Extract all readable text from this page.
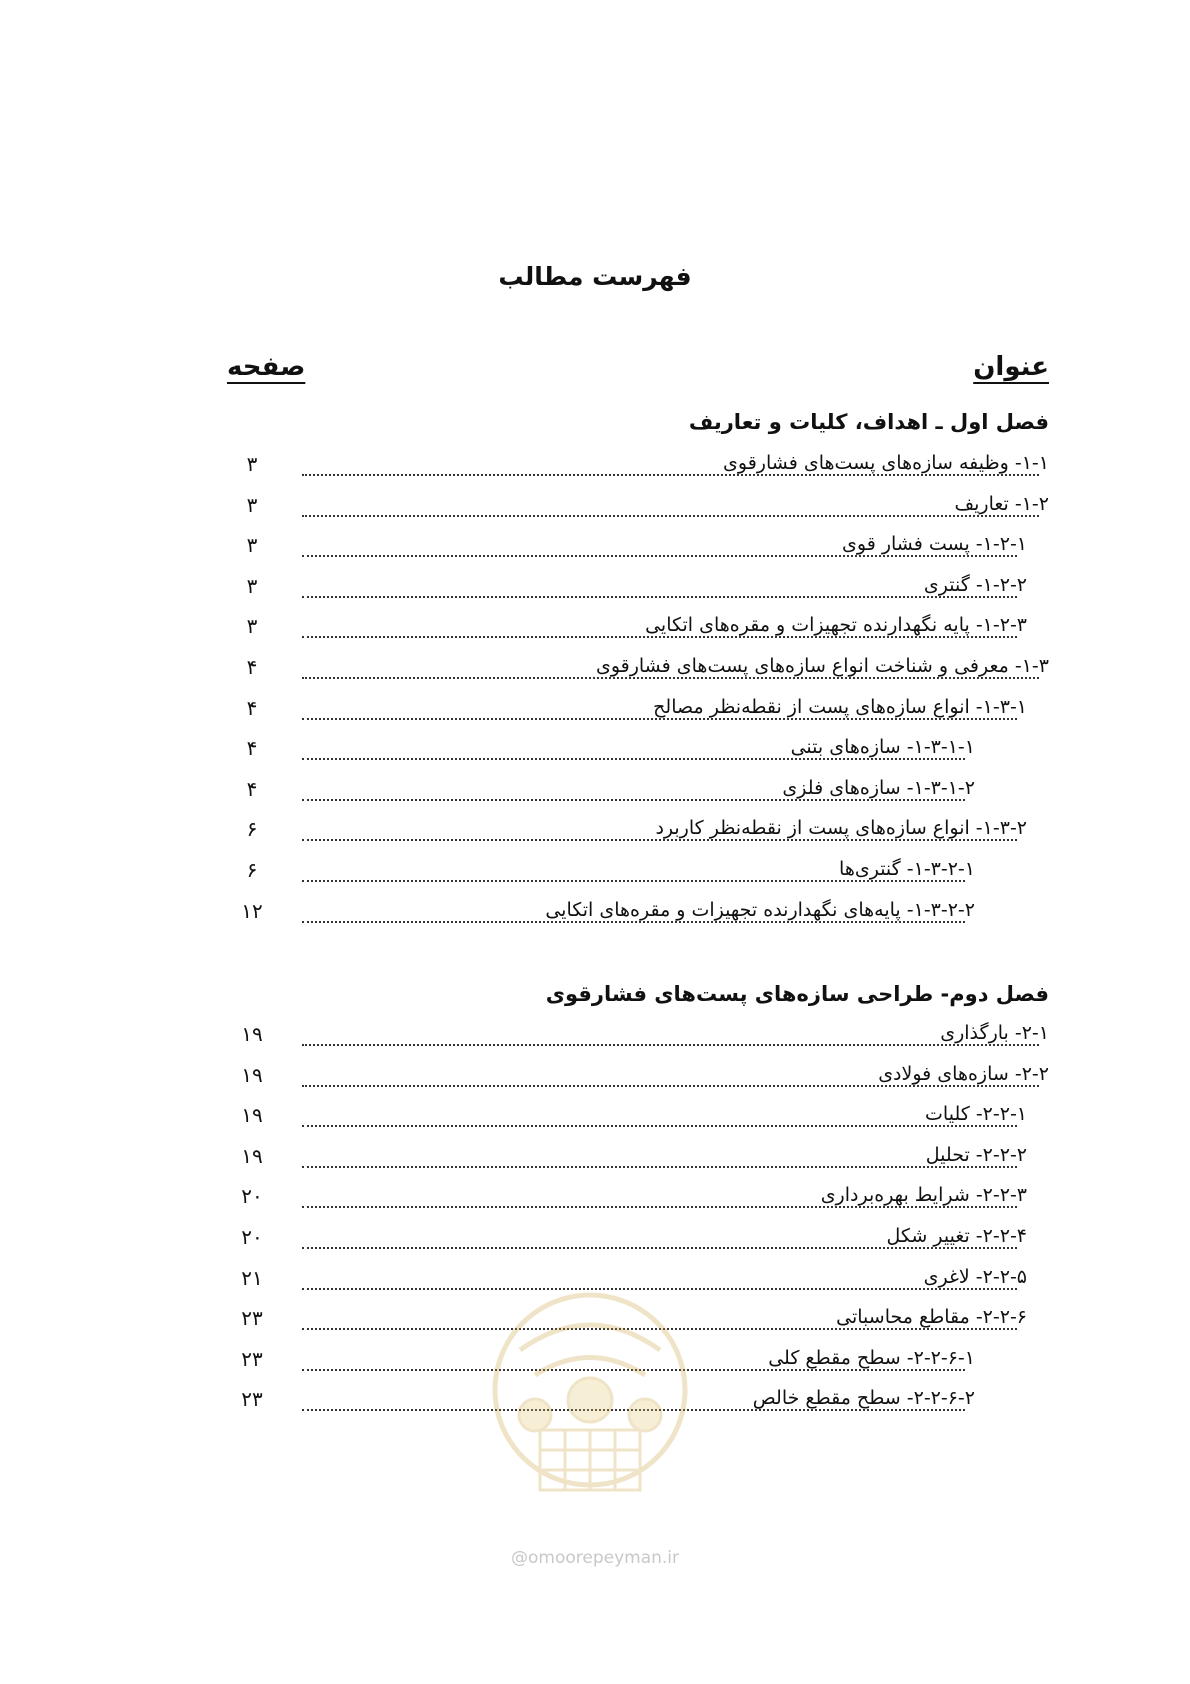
فهرست مطالب
عنوان
صفحه
فصل اول ـ اهداف، کلیات و تعاریف
۱-۱- وظیفه سازه‌های پست‌های فشارقوی
۳
۱-۲- تعاریف
۳
۱-۲-۱- پست فشار قوی
۳
۱-۲-۲- گنتری
۳
۱-۲-۳- پایه نگهدارنده تجهیزات و مقره‌های اتکایی
۳
۱-۳- معرفی و شناخت انواع سازه‌های پست‌های فشارقوی
۴
۱-۳-۱- انواع سازه‌های پست از نقطه‌نظر مصالح
۴
۱-۳-۱-۱- سازه‌های بتنی
۴
۱-۳-۱-۲- سازه‌های فلزی
۴
۱-۳-۲- انواع سازه‌های پست از نقطه‌نظر کاربرد
۶
۱-۳-۲-۱- گنتری‌ها
۶
۱-۳-۲-۲- پایه‌های نگهدارنده تجهیزات و مقره‌های اتکایی
۱۲
فصل دوم- طراحی سازه‌های پست‌های فشارقوی
۲-۱- بارگذاری
۱۹
۲-۲- سازه‌های فولادی
۱۹
۲-۲-۱- کلیات
۱۹
۲-۲-۲- تحلیل
۱۹
۲-۲-۳- شرایط بهره‌برداری
۲۰
۲-۲-۴- تغییر شکل
۲۰
۲-۲-۵- لاغری
۲۱
۲-۲-۶- مقاطع محاسباتی
۲۳
۲-۲-۶-۱- سطح مقطع کلی
۲۳
۲-۲-۶-۲- سطح مقطع خالص
۲۳
@omoorepeyman.ir
